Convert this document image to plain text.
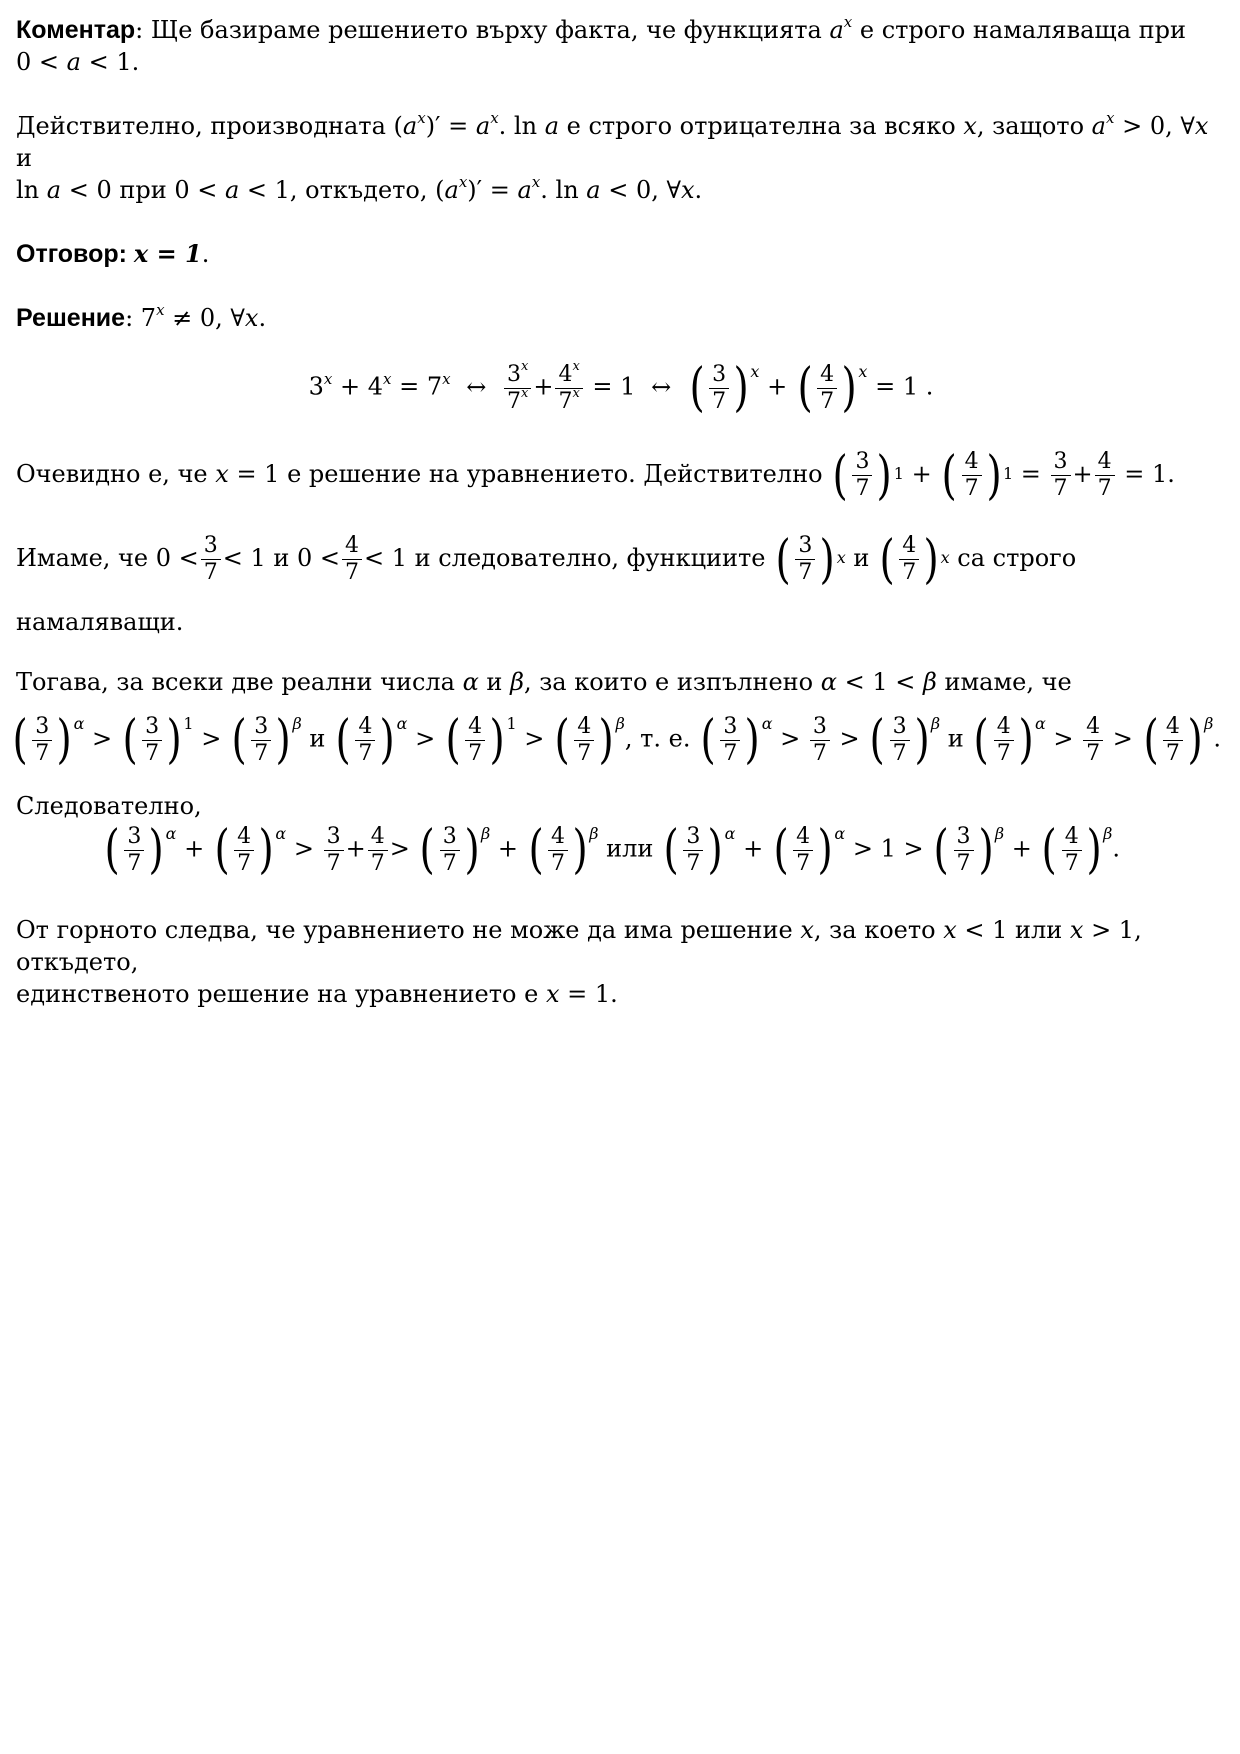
Коментар: Ще базираме решението върху факта, че функцията $a^x$ е строго намаляваща при
0 < a < 1.

Действително, производната $(a^x)' = a^x$. ln a е строго отрицателна за всяко x, защото $a^x > 0$, ∀x и
ln a < 0 при 0 < a < 1, откъдето, $(a^x)' = a^x$. ln a < 0, ∀x.

Отговор: x = 1.

Решение: $7^x \ne 0$, ∀x.

$3^x + 4^x = 7^x$ ↔ $\frac{3^x}{7^x} + \frac{4^x}{7^x} = 1$ ↔ ( $\frac{3}{7}$ ) x
+ ( $\frac{4}{7}$ ) x
= 1 .

Очевидно е, че x = 1 е решение на уравнението. Действително ( $\frac{3}{7}$ ) 1 + ( $\frac{4}{7}$ ) $1 = \frac{3}{7} + \frac{4}{7} = 1$.

Имаме, че $0 < \frac{3}{7} < 1$ и $0 < \frac{4}{7} < 1$ и следователно, функциите ( $\frac{3}{7}$ ) x и ( $\frac{4}{7}$ ) x са строго намаляващи.

Тогава, за всеки две реални числа α и β, за които е изпълнено α < 1 < β имаме, че

( $\frac{3}{7}$ ) α
> ( $\frac{3}{7}$ ) 1
> ( $\frac{3}{7}$ ) β
и ( $\frac{4}{7}$ ) α
> ( $\frac{4}{7}$ ) 1
> ( $\frac{4}{7}$ ) β
, т. е. ( $\frac{3}{7}$ ) α
> $\frac{3}{7}$ > ( $\frac{3}{7}$ ) β
и ( $\frac{4}{7}$ ) α
> $\frac{4}{7}$ > ( $\frac{4}{7}$ ) β
.

Следователно,

( $\frac{3}{7}$ ) α
+ ( $\frac{4}{7}$ ) α
> $\frac{3}{7} + \frac{4}{7}$ > ( $\frac{3}{7}$ ) β
+ ( $\frac{4}{7}$ ) β
или ( $\frac{3}{7}$ ) α
+ ( $\frac{4}{7}$ ) α
> 1 > ( $\frac{3}{7}$ ) β
+ ( $\frac{4}{7}$ ) β
.

От горното следва, че уравнението не може да има решение x, за което x < 1 или x > 1, откъдето,
единственото решение на уравнението е x = 1.
